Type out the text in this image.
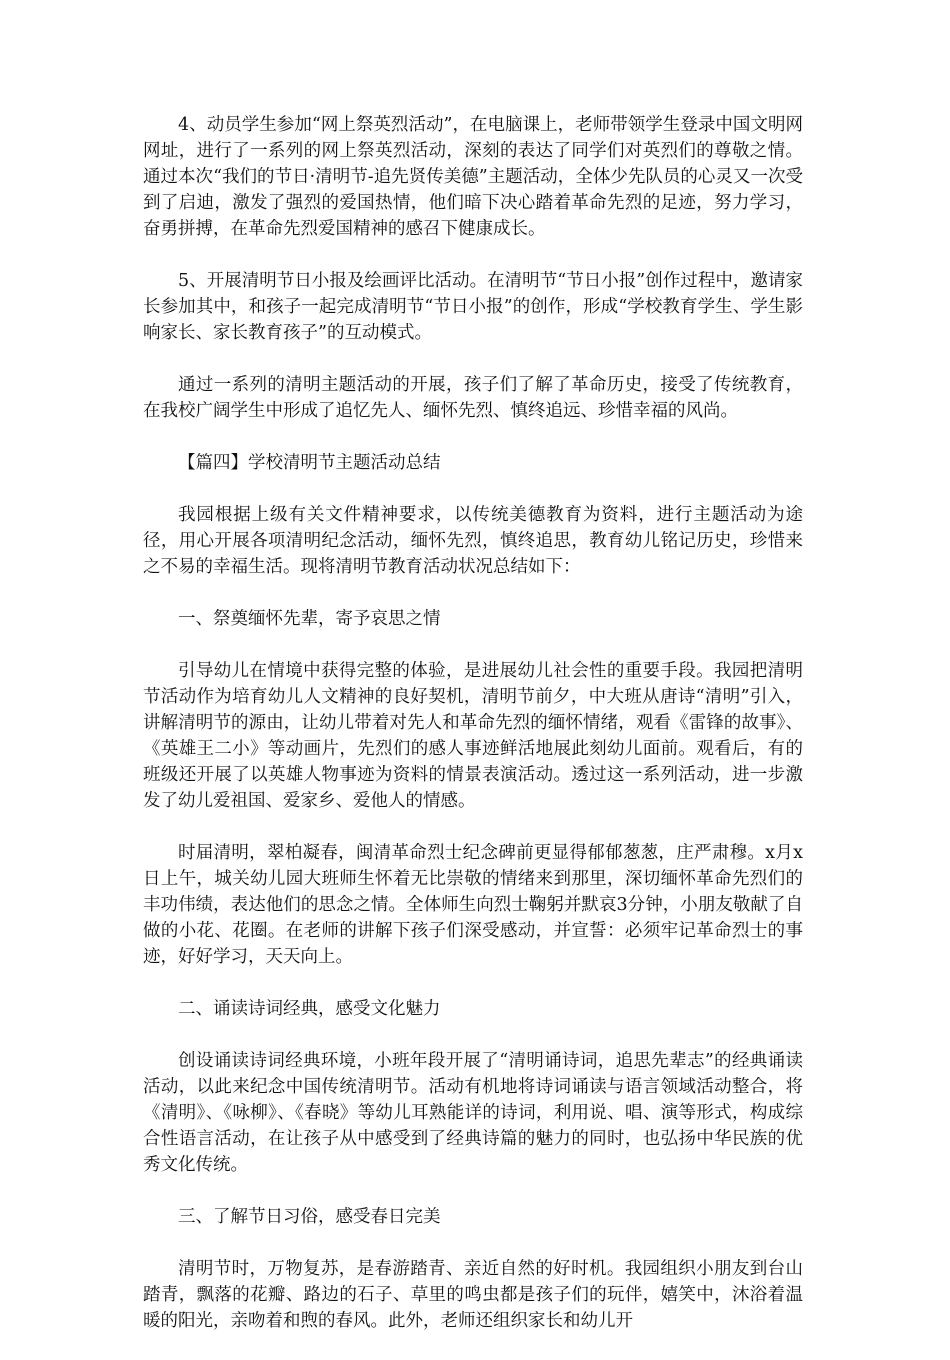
4、动员学生参加“网上祭英烈活动”，在电脑课上，老师带领学生登录中国文明网网址，进行了一系列的网上祭英烈活动，深刻的表达了同学们对英烈们的尊敬之情。通过本次“我们的节日·清明节-追先贤传美德”主题活动，全体少先队员的心灵又一次受到了启迪，激发了强烈的爱国热情，他们暗下决心踏着革命先烈的足迹，努力学习，奋勇拼搏，在革命先烈爱国精神的感召下健康成长。

5、开展清明节日小报及绘画评比活动。在清明节“节日小报”创作过程中，邀请家长参加其中，和孩子一起完成清明节“节日小报”的创作，形成“学校教育学生、学生影响家长、家长教育孩子”的互动模式。

通过一系列的清明主题活动的开展，孩子们了解了革命历史，接受了传统教育，在我校广阔学生中形成了追忆先人、缅怀先烈、慎终追远、珍惜幸福的风尚。

【篇四】学校清明节主题活动总结

我园根据上级有关文件精神要求，以传统美德教育为资料，进行主题活动为途径，用心开展各项清明纪念活动，缅怀先烈，慎终追思，教育幼儿铭记历史，珍惜来之不易的幸福生活。现将清明节教育活动状况总结如下：

一、祭奠缅怀先辈，寄予哀思之情

引导幼儿在情境中获得完整的体验，是进展幼儿社会性的重要手段。我园把清明节活动作为培育幼儿人文精神的良好契机，清明节前夕，中大班从唐诗“清明”引入，讲解清明节的源由，让幼儿带着对先人和革命先烈的缅怀情绪，观看《雷锋的故事》、《英雄王二小》等动画片，先烈们的感人事迹鲜活地展此刻幼儿面前。观看后，有的班级还开展了以英雄人物事迹为资料的情景表演活动。透过这一系列活动，进一步激发了幼儿爱祖国、爱家乡、爱他人的情感。

时届清明，翠柏凝春，闽清革命烈士纪念碑前更显得郁郁葱葱，庄严肃穆。x月x日上午，城关幼儿园大班师生怀着无比崇敬的情绪来到那里，深切缅怀革命先烈们的丰功伟绩，表达他们的思念之情。全体师生向烈士鞠躬并默哀3分钟，小朋友敬献了自做的小花、花圈。在老师的讲解下孩子们深受感动，并宣誓：必须牢记革命烈士的事迹，好好学习，天天向上。

二、诵读诗词经典，感受文化魅力

创设诵读诗词经典环境，小班年段开展了“清明诵诗词，追思先辈志”的经典诵读活动，以此来纪念中国传统清明节。活动有机地将诗词诵读与语言领域活动整合，将《清明》、《咏柳》、《春晓》等幼儿耳熟能详的诗词，利用说、唱、演等形式，构成综合性语言活动，在让孩子从中感受到了经典诗篇的魅力的同时，也弘扬中华民族的优秀文化传统。

三、了解节日习俗，感受春日完美

清明节时，万物复苏，是春游踏青、亲近自然的好时机。我园组织小朋友到台山踏青，飘落的花瓣、路边的石子、草里的鸣虫都是孩子们的玩伴，嬉笑中，沐浴着温暖的阳光，亲吻着和煦的春风。此外，老师还组织家长和幼儿开
